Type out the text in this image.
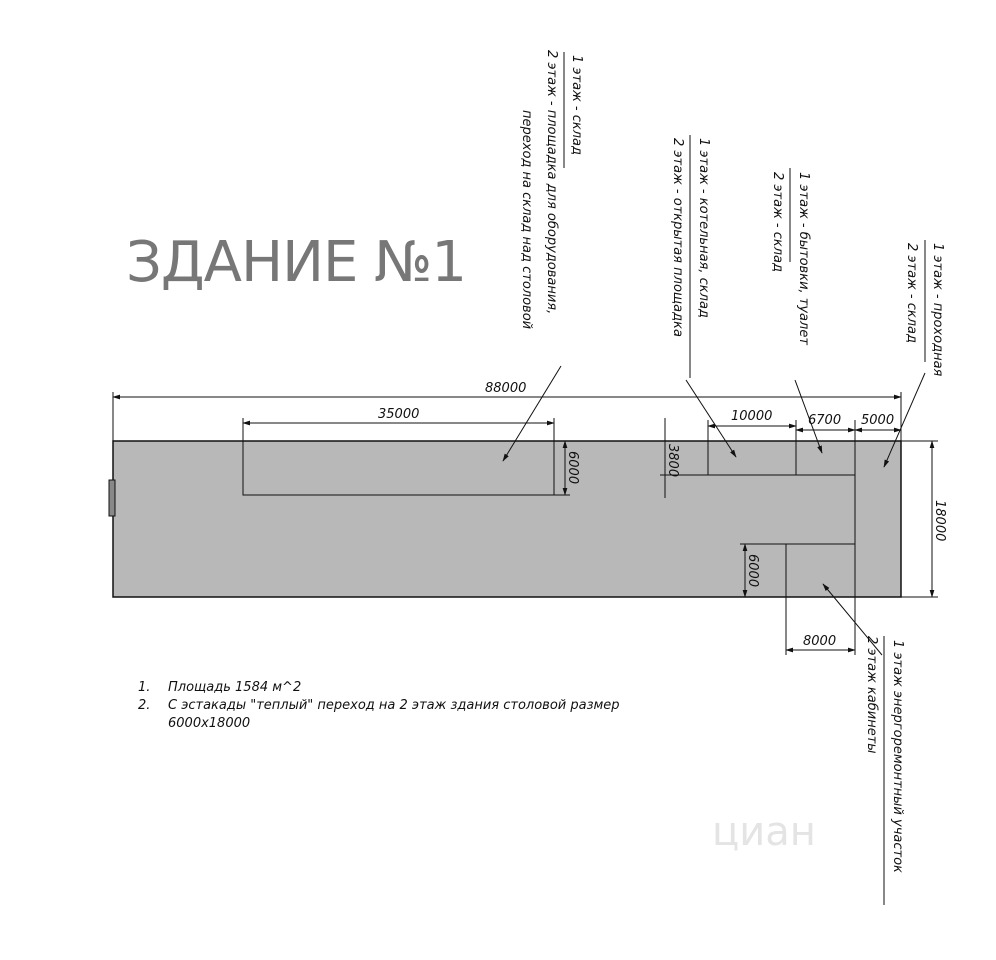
ЗДАНИЕ №1
88000
35000
6000	3800
10000	6700 5000
18000
6000
8000
1 этаж - склад
2 этаж - площадка для оборудования,
переход на склад над столовой	1 этаж - котельная, склад
2 этаж - открытая площадка	1 этаж - бытовки, туалет
2 этаж - склад
1 этаж - проходная
2 этаж - склад
1 этаж энергоремонтный участок
2 этаж кабинеты
1. Площадь 1584 м^2
2. С эстакады "теплый" переход на 2 этаж здания столовой размер
6000x18000
циан
